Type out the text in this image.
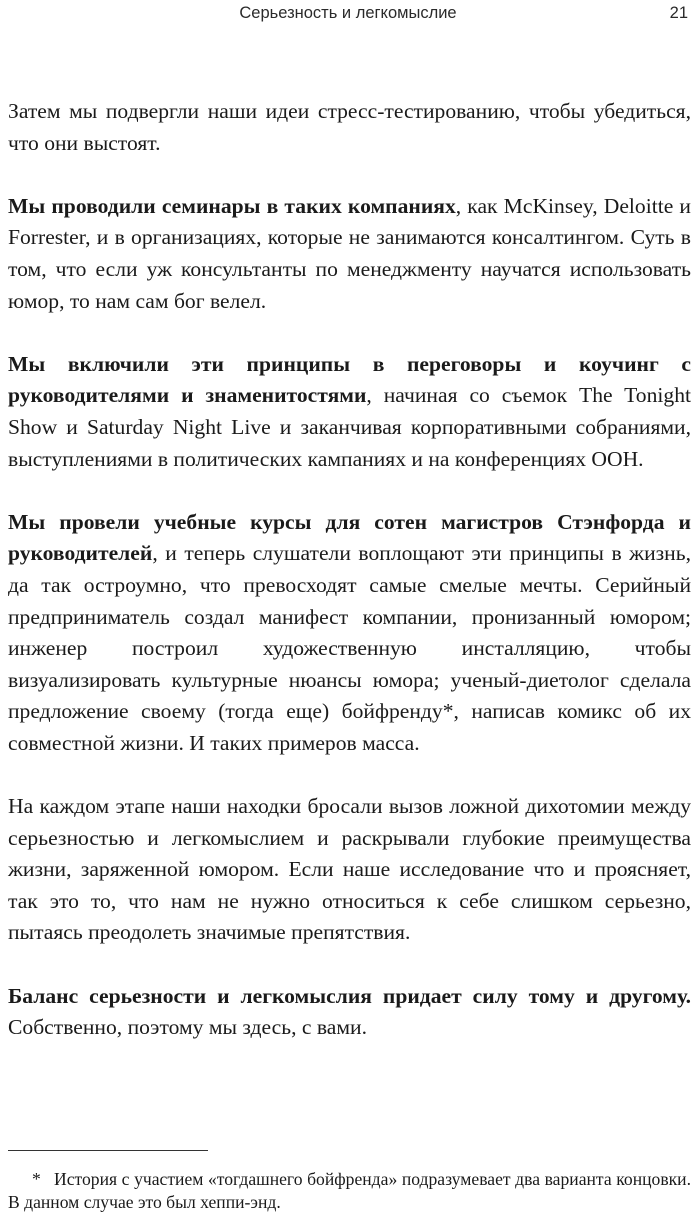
Серьезность и легкомыслие	21

Затем мы подвергли наши идеи стресс-тестированию, чтобы убедиться, что они выстоят.

Мы проводили семинары в таких компаниях, как McKinsey, Deloitte и Forrester, и в организациях, которые не занимаются консалтингом. Суть в том, что если уж консультанты по менеджменту научатся использовать юмор, то нам сам бог велел.

Мы включили эти принципы в переговоры и коучинг с руководителями и знаменитостями, начиная со съемок The Tonight Show и Saturday Night Live и заканчивая корпоративными собраниями, выступлениями в политических кампаниях и на конференциях ООН.

Мы провели учебные курсы для сотен магистров Стэнфорда и руководителей, и теперь слушатели воплощают эти принципы в жизнь, да так остроумно, что превосходят самые смелые мечты. Серийный предприниматель создал манифест компании, пронизанный юмором; инженер построил художественную инсталляцию, чтобы визуализировать культурные нюансы юмора; ученый-диетолог сделала предложение своему (тогда еще) бойфренду*, написав комикс об их совместной жизни. И таких примеров масса.

На каждом этапе наши находки бросали вызов ложной дихотомии между серьезностью и легкомыслием и раскрывали глубокие преимущества жизни, заряженной юмором. Если наше исследование что и проясняет, так это то, что нам не нужно относиться к себе слишком серьезно, пытаясь преодолеть значимые препятствия.

Баланс серьезности и легкомыслия придает силу тому и другому. Собственно, поэтому мы здесь, с вами.

* История с участием «тогдашнего бойфренда» подразумевает два варианта концовки. В данном случае это был хеппи-энд.
